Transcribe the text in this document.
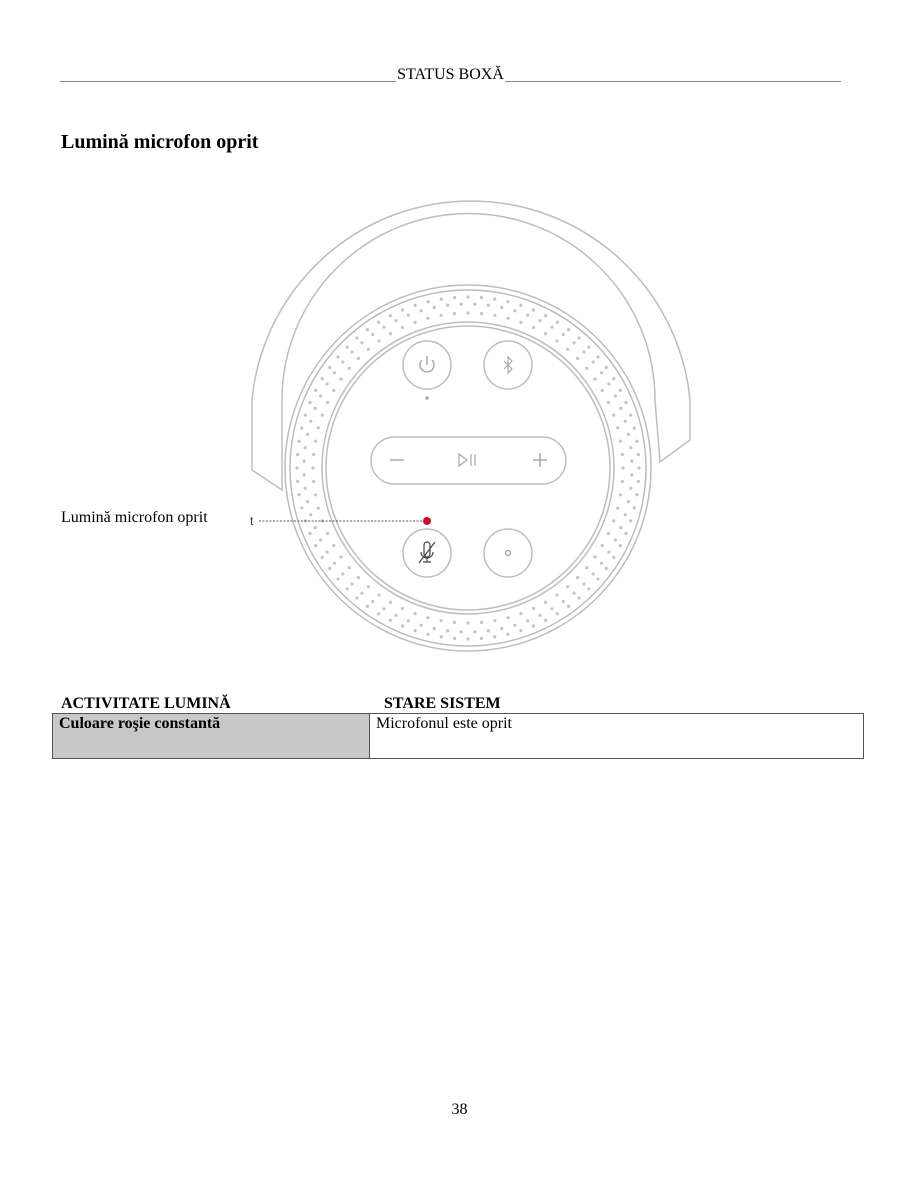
STATUS BOXĂ
Lumină microfon oprit
t
Lumină microfon oprit
ACTIVITATE LUMINĂ	STARE SISTEM
Culoare roşie constantă	Microfonul este oprit
38
